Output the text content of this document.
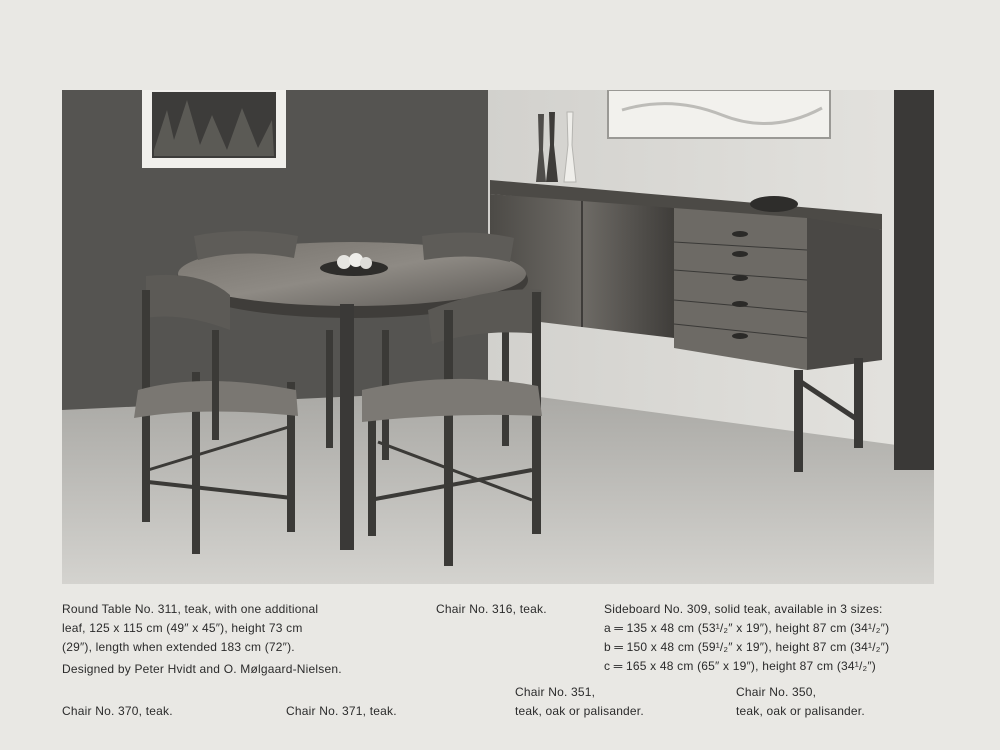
Round Table No. 311, teak, with one additional
leaf, 125 x 115 cm (49″ x 45″), height 73 cm
(29″), length when extended 183 cm (72″).
Designed by Peter Hvidt and O. Mølgaard-Nielsen.
Chair No. 316, teak.	Sideboard No. 309, solid teak, available in 3 sizes:
a ═ 135 x 48 cm (53¹/₂″ x 19″), height 87 cm (34¹/₂″)
b ═ 150 x 48 cm (59¹/₂″ x 19″), height 87 cm (34¹/₂″)
c ═ 165 x 48 cm (65″ x 19″), height 87 cm (34¹/₂″)
Chair No. 351,
teak, oak or palisander.
Chair No. 350,
teak, oak or palisander.
Chair No. 370, teak.	Chair No. 371, teak.
